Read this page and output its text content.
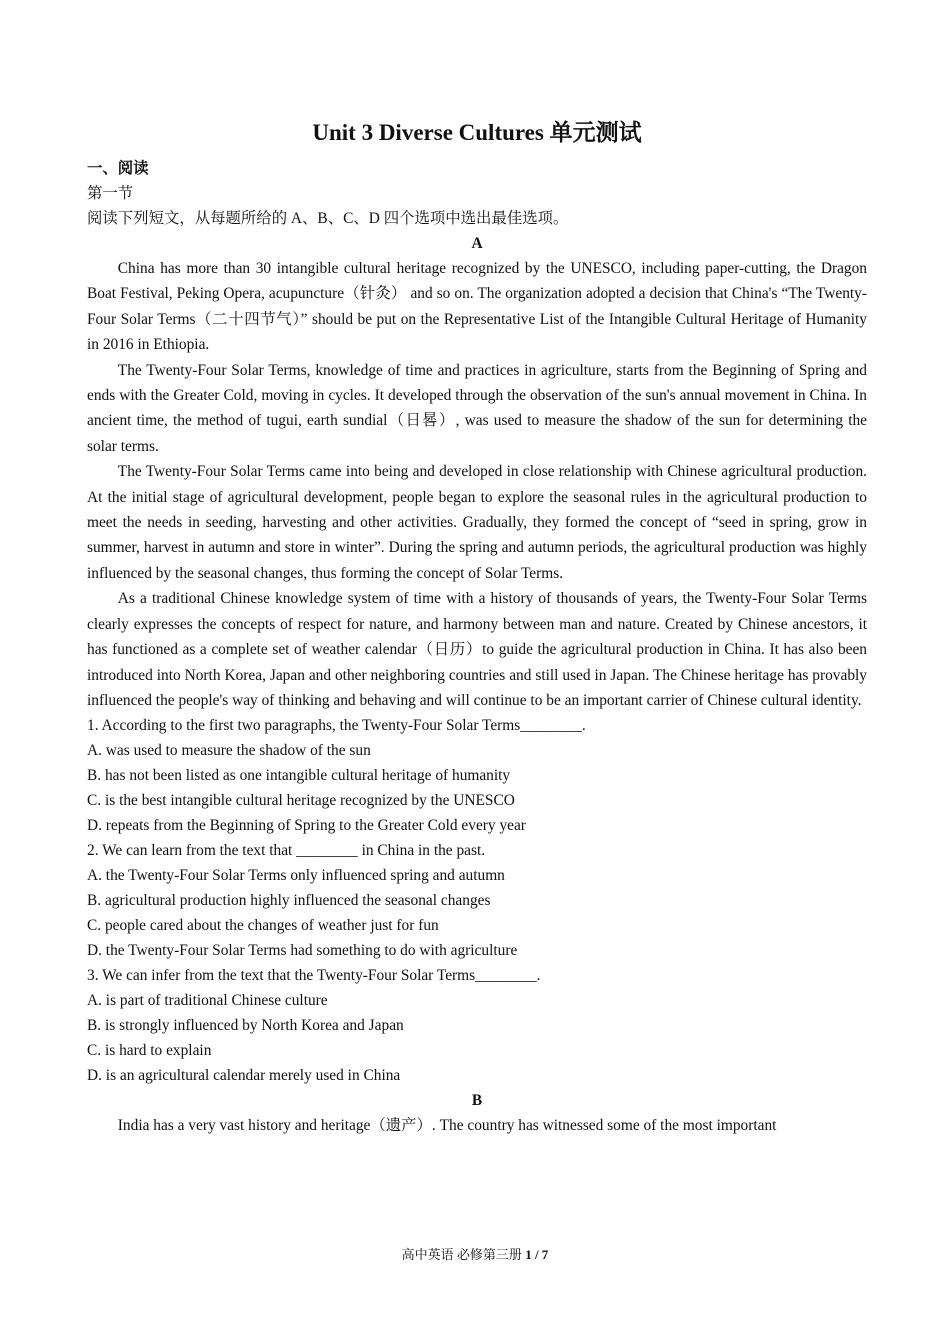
Unit 3 Diverse Cultures 单元测试

一、阅读

第一节

阅读下列短文，从每题所给的 A、B、C、D 四个选项中选出最佳选项。

A

China has more than 30 intangible cultural heritage recognized by the UNESCO, including paper-cutting, the Dragon Boat Festival, Peking Opera, acupuncture（针灸） and so on. The organization adopted a decision that China's “The Twenty-Four Solar Terms（二十四节气）” should be put on the Representative List of the Intangible Cultural Heritage of Humanity in 2016 in Ethiopia.

The Twenty-Four Solar Terms, knowledge of time and practices in agriculture, starts from the Beginning of Spring and ends with the Greater Cold, moving in cycles. It developed through the observation of the sun's annual movement in China. In ancient time, the method of tugui, earth sundial（日晷）, was used to measure the shadow of the sun for determining the solar terms.

The Twenty-Four Solar Terms came into being and developed in close relationship with Chinese agricultural production. At the initial stage of agricultural development, people began to explore the seasonal rules in the agricultural production to meet the needs in seeding, harvesting and other activities. Gradually, they formed the concept of “seed in spring, grow in summer, harvest in autumn and store in winter”. During the spring and autumn periods, the agricultural production was highly influenced by the seasonal changes, thus forming the concept of Solar Terms.

As a traditional Chinese knowledge system of time with a history of thousands of years, the Twenty-Four Solar Terms clearly expresses the concepts of respect for nature, and harmony between man and nature. Created by Chinese ancestors, it has functioned as a complete set of weather calendar（日历）to guide the agricultural production in China. It has also been introduced into North Korea, Japan and other neighboring countries and still used in Japan. The Chinese heritage has provably influenced the people's way of thinking and behaving and will continue to be an important carrier of Chinese cultural identity.

1. According to the first two paragraphs, the Twenty-Four Solar Terms________.

A. was used to measure the shadow of the sun

B. has not been listed as one intangible cultural heritage of humanity

C. is the best intangible cultural heritage recognized by the UNESCO

D. repeats from the Beginning of Spring to the Greater Cold every year

2. We can learn from the text that ________ in China in the past.

A. the Twenty-Four Solar Terms only influenced spring and autumn

B. agricultural production highly influenced the seasonal changes

C. people cared about the changes of weather just for fun

D. the Twenty-Four Solar Terms had something to do with agriculture

3. We can infer from the text that the Twenty-Four Solar Terms________.

A. is part of traditional Chinese culture

B. is strongly influenced by North Korea and Japan

C. is hard to explain

D. is an agricultural calendar merely used in China

B

India has a very vast history and heritage（遗产）. The country has witnessed some of the most important

高中英语 必修第三册 1 / 7
